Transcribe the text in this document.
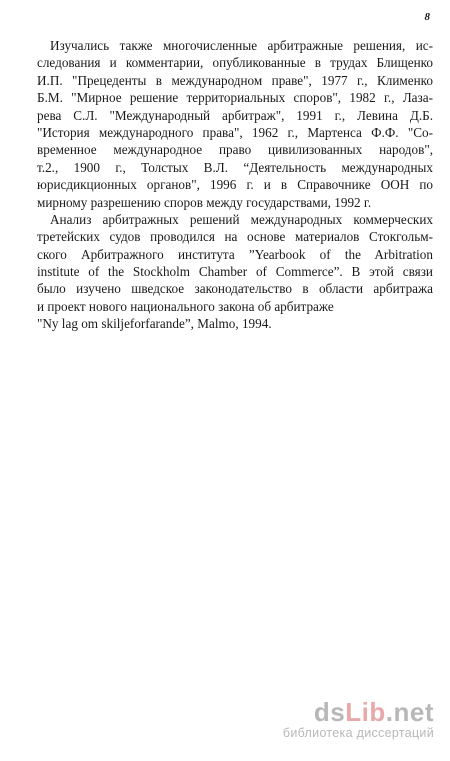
8
Изучались также многочисленные арбитражные решения, ис-
следования и комментарии, опубликованные в трудах Блищенко
И.П. "Прецеденты в международном праве", 1977 г., Клименко
Б.М. "Мирное решение территориальных споров", 1982 г., Лаза-
рева С.Л. "Международный арбитраж", 1991 г., Левина Д.Б.
"История международного права", 1962 г., Мартенса Ф.Ф. "Со-
временное международное право цивилизованных народов",
т.2., 1900 г., Толстых В.Л. “Деятельность международных
юрисдикционных органов", 1996 г. и в Справочнике ООН по
мирному разрешению споров между государствами, 1992 г.
Анализ арбитражных решений международных коммерческих
третейских судов проводился на основе материалов Стокгольм-
ского Арбитражного института ”Yearbook of the Arbitration
institute of the Stockholm Chamber of Commerce”. В этой связи
было изучено шведское законодательство в области арбитража
и проект нового национального закона об арбитраже
"Ny lag om skiljeforfarande”, Malmo, 1994.
dsLib.net
библиотека диссертаций
